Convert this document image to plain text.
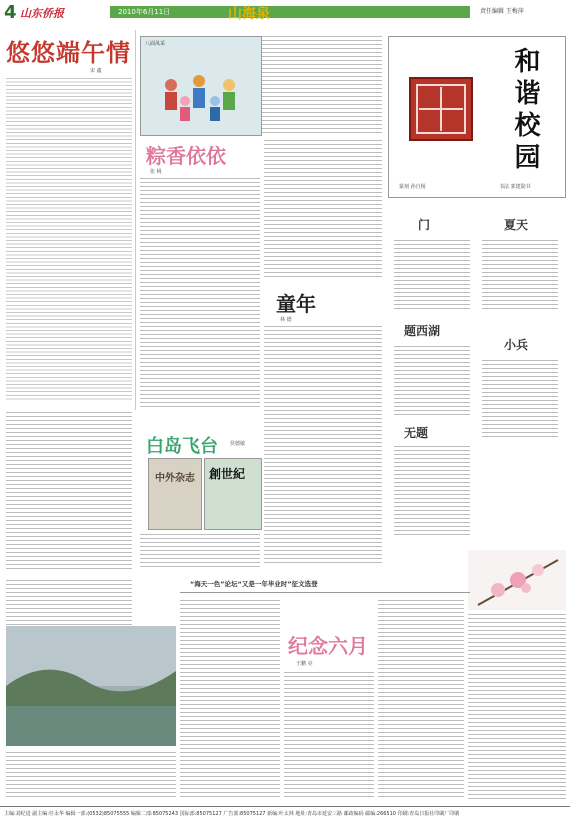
4 山东侨报	2010年6月11日	山海泉	责任编辑 王梅萍
悠悠端午情
宋 鑫
八面凤采
粽香依依
张 桃
童年
林 德
和谐校园
篆刻 孙自杨	书法 郭建勋书
门	夏天
题西湖
小兵
无题
白岛飞台 侯德敏
中外杂志 創世紀
“海天一色”论坛“又是一年毕业时”征文选登
纪念六月
王鹏 亮
主编:刘纪进 副主编:任永华 编辑一部:(0532)85075555 编辑二部:85075243 国际部:85075127 广告部:85075127 新编:叶太林 地址:青岛市延安三路 邮政编码 邮编:266510 印刷:青岛日报社印刷厂印刷
